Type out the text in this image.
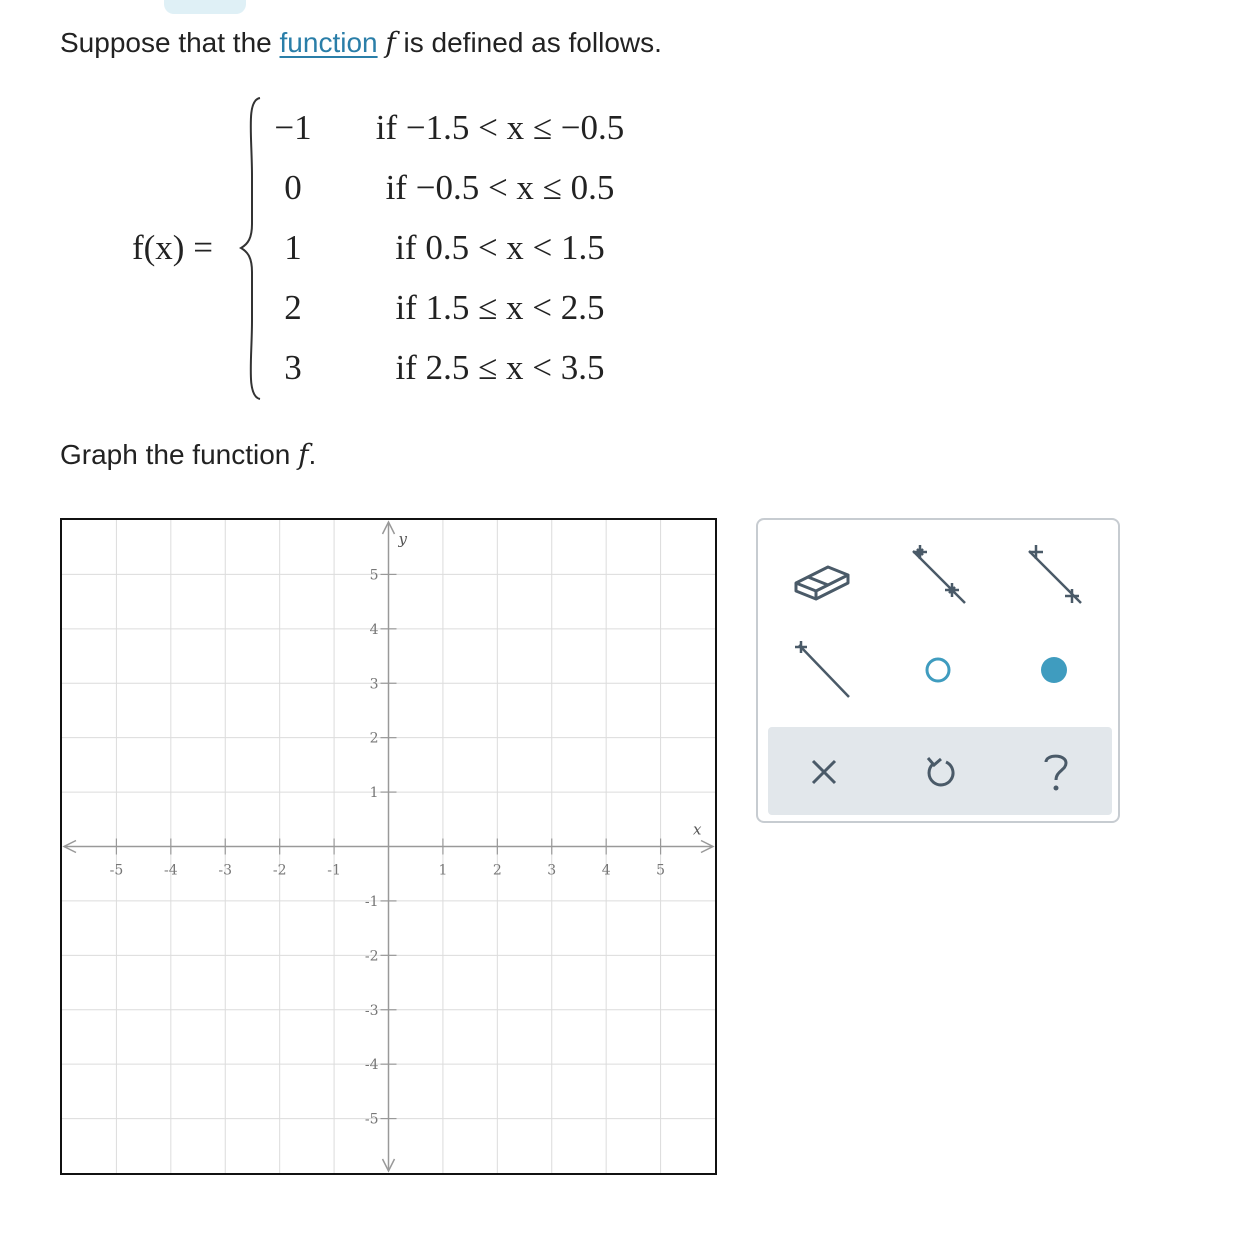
Suppose that the function f is defined as follows.
f(x) =
−1	if −1.5 < x ≤ −0.5
0	if −0.5 < x ≤ 0.5
1	if 0.5 < x < 1.5
2	if 1.5 ≤ x < 2.5
3	if 2.5 ≤ x < 3.5
Graph the function f.
x
y
-5	-4	-3	-2	-1	1	2	3	4	5
5
4
3
2
1
-1
-2
-3
-4
-5
